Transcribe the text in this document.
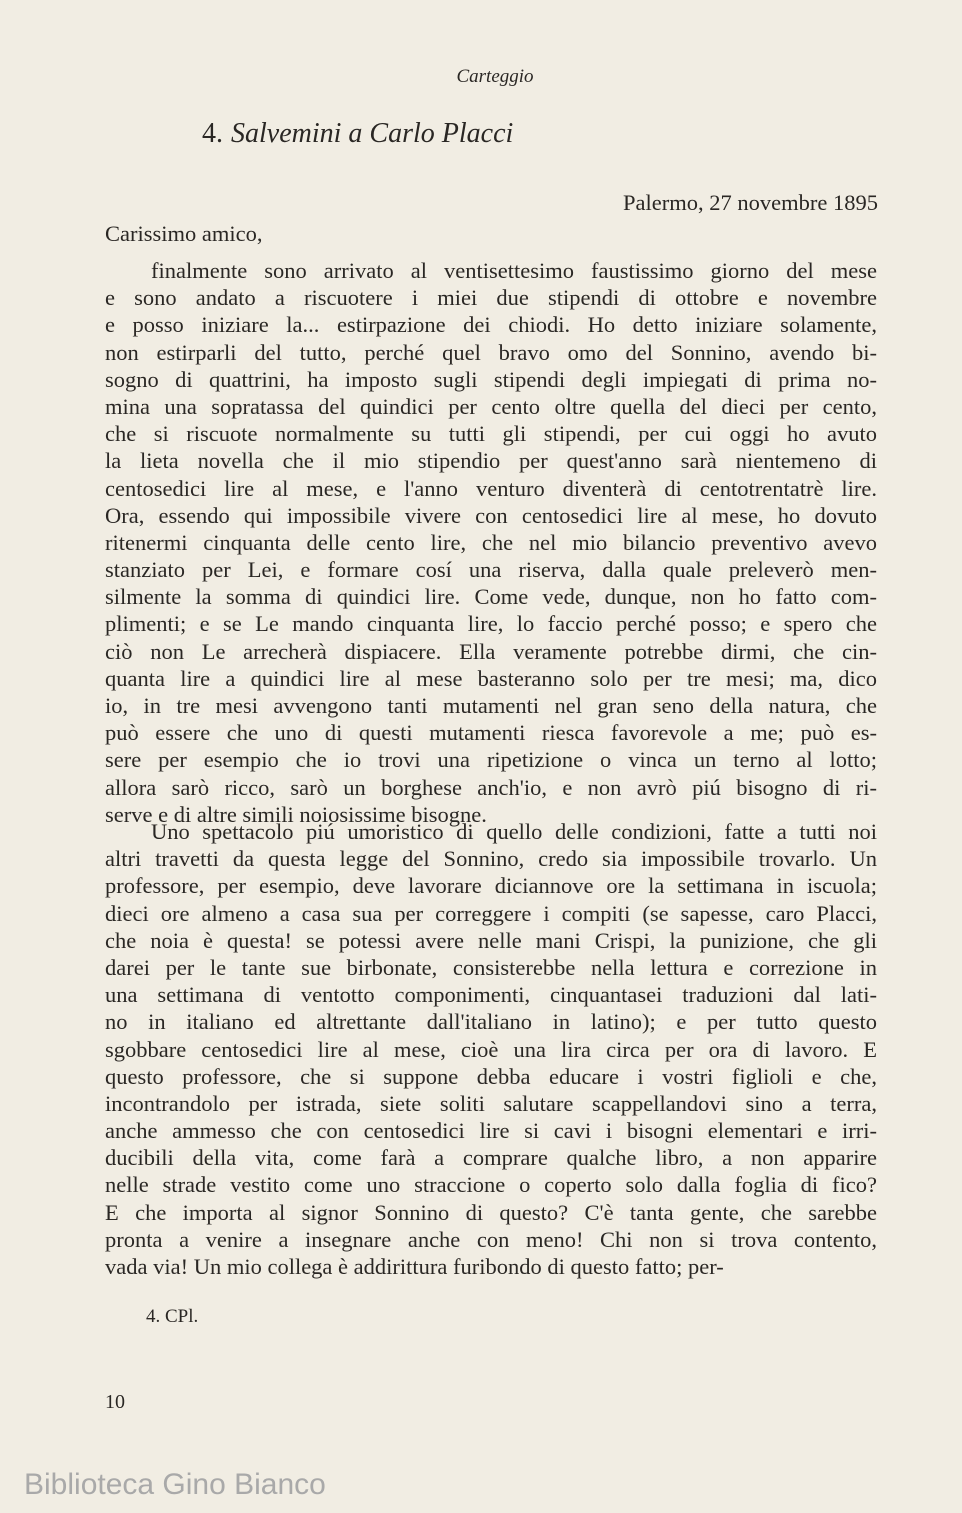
Carteggio
4. Salvemini a Carlo Placci
Palermo, 27 novembre 1895
Carissimo amico,
finalmente sono arrivato al ventisettesimo faustissimo giorno del mese
e sono andato a riscuotere i miei due stipendi di ottobre e novembre
e posso iniziare la... estirpazione dei chiodi. Ho detto iniziare solamente,
non estirparli del tutto, perché quel bravo omo del Sonnino, avendo bi-
sogno di quattrini, ha imposto sugli stipendi degli impiegati di prima no-
mina una sopratassa del quindici per cento oltre quella del dieci per cento,
che si riscuote normalmente su tutti gli stipendi, per cui oggi ho avuto
la lieta novella che il mio stipendio per quest'anno sarà nientemeno di
centosedici lire al mese, e l'anno venturo diventerà di centotrentatrè lire.
Ora, essendo qui impossibile vivere con centosedici lire al mese, ho dovuto
ritenermi cinquanta delle cento lire, che nel mio bilancio preventivo avevo
stanziato per Lei, e formare cosí una riserva, dalla quale preleverò men-
silmente la somma di quindici lire. Come vede, dunque, non ho fatto com-
plimenti; e se Le mando cinquanta lire, lo faccio perché posso; e spero che
ciò non Le arrecherà dispiacere. Ella veramente potrebbe dirmi, che cin-
quanta lire a quindici lire al mese basteranno solo per tre mesi; ma, dico
io, in tre mesi avvengono tanti mutamenti nel gran seno della natura, che
può essere che uno di questi mutamenti riesca favorevole a me; può es-
sere per esempio che io trovi una ripetizione o vinca un terno al lotto;
allora sarò ricco, sarò un borghese anch'io, e non avrò piú bisogno di ri-
serve e di altre simili noiosissime bisogne.
Uno spettacolo piú umoristico di quello delle condizioni, fatte a tutti noi
altri travetti da questa legge del Sonnino, credo sia impossibile trovarlo. Un
professore, per esempio, deve lavorare diciannove ore la settimana in iscuola;
dieci ore almeno a casa sua per correggere i compiti (se sapesse, caro Placci,
che noia è questa! se potessi avere nelle mani Crispi, la punizione, che gli
darei per le tante sue birbonate, consisterebbe nella lettura e correzione in
una settimana di ventotto componimenti, cinquantasei traduzioni dal lati-
no in italiano ed altrettante dall'italiano in latino); e per tutto questo
sgobbare centosedici lire al mese, cioè una lira circa per ora di lavoro. E
questo professore, che si suppone debba educare i vostri figlioli e che,
incontrandolo per istrada, siete soliti salutare scappellandovi sino a terra,
anche ammesso che con centosedici lire si cavi i bisogni elementari e irri-
ducibili della vita, come farà a comprare qualche libro, a non apparire
nelle strade vestito come uno straccione o coperto solo dalla foglia di fico?
E che importa al signor Sonnino di questo? C'è tanta gente, che sarebbe
pronta a venire a insegnare anche con meno! Chi non si trova contento,
vada via! Un mio collega è addirittura furibondo di questo fatto; per-
4. CPl.
10
Biblioteca Gino Bianco
